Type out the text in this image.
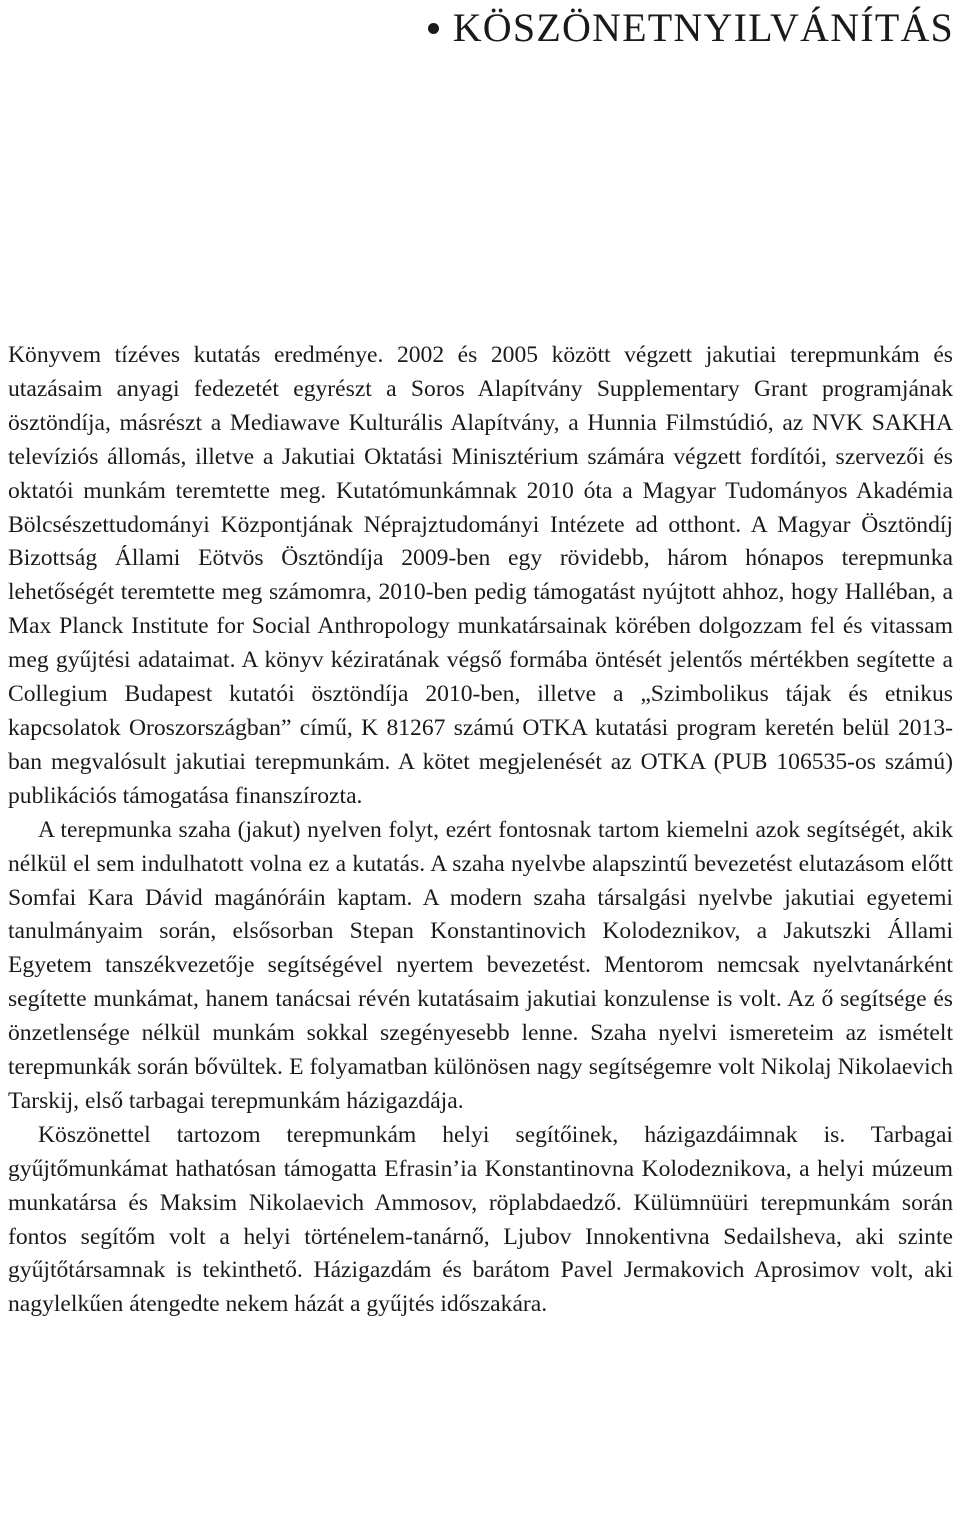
KÖSZÖNETNYILVÁNÍTÁS

Könyvem tízéves kutatás eredménye. 2002 és 2005 között végzett jakutiai terepmunkám és utazásaim anyagi fedezetét egyrészt a Soros Alapítvány Supplementary Grant programjának ösztöndíja, másrészt a Mediawave Kulturális Alapítvány, a Hunnia Filmstúdió, az NVK SAKHA televíziós állomás, illetve a Jakutiai Oktatási Minisztérium számára végzett fordítói, szervezői és oktatói munkám teremtette meg. Kutatómunkámnak 2010 óta a Magyar Tudományos Akadémia Bölcsészettudományi Központjának Néprajztudományi Intézete ad otthont. A Magyar Ösztöndíj Bizottság Állami Eötvös Ösztöndíja 2009-ben egy rövidebb, három hónapos terepmunka lehetőségét teremtette meg számomra, 2010-ben pedig támogatást nyújtott ahhoz, hogy Halléban, a Max Planck Institute for Social Anthropology munkatársainak körében dolgozzam fel és vitassam meg gyűjtési adataimat. A könyv kéziratának végső formába öntését jelentős mértékben segítette a Collegium Budapest kutatói ösztöndíja 2010-ben, illetve a „Szimbolikus tájak és etnikus kapcsolatok Oroszországban” című, K 81267 számú OTKA kutatási program keretén belül 2013-ban megvalósult jakutiai terepmunkám. A kötet megjelenését az OTKA (PUB 106535-os számú) publikációs támogatása finanszírozta.

A terepmunka szaha (jakut) nyelven folyt, ezért fontosnak tartom kiemelni azok segítségét, akik nélkül el sem indulhatott volna ez a kutatás. A szaha nyelvbe alapszintű bevezetést elutazásom előtt Somfai Kara Dávid magánóráin kaptam. A modern szaha társalgási nyelvbe jakutiai egyetemi tanulmányaim során, elsősorban Stepan Konstantinovich Kolodeznikov, a Jakutszki Állami Egyetem tanszékvezetője segítségével nyertem bevezetést. Mentorom nemcsak nyelvtanárként segítette munkámat, hanem tanácsai révén kutatásaim jakutiai konzulense is volt. Az ő segítsége és önzetlensége nélkül munkám sokkal szegényesebb lenne. Szaha nyelvi ismereteim az ismételt terepmunkák során bővültek. E folyamatban különösen nagy segítségemre volt Nikolaj Nikolaevich Tarskij, első tarbagai terepmunkám házigazdája.

Köszönettel tartozom terepmunkám helyi segítőinek, házigazdáimnak is. Tarbagai gyűjtőmunkámat hathatósan támogatta Efrasin’ia Konstantinovna Kolodeznikova, a helyi múzeum munkatársa és Maksim Nikolaevich Ammosov, röplabdaedző. Külümnüüri terepmunkám során fontos segítőm volt a helyi történelem-tanárnő, Ljubov Innokentivna Sedailsheva, aki szinte gyűjtőtársamnak is tekinthető. Házigazdám és barátom Pavel Jermakovich Aprosimov volt, aki nagylelkűen átengedte nekem házát a gyűjtés időszakára.
